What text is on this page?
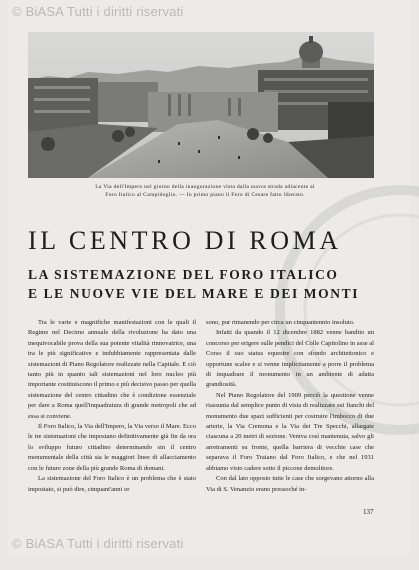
© BiASA Tutti i diritti riservati
La Via dell'Impero nel giorno della inaugurazione vista dalla nuova strada adiacente al
Foro Italico al Campidoglio. — In primo piano il Foro di Cesare fatto liberato.
IL CENTRO DI ROMA
LA SISTEMAZIONE DEL FORO ITALICO
E LE NUOVE VIE DEL MARE E DEI MONTI

Tra le varie e magnifiche manifestazioni con le quali il Regime nel Decimo annuale della rivoluzione ha dato una inequivocabile prova della sua potente vitalità rinnovatrice, una tra le più significative e indubbiamente rappresentata dalle sistemazioni di Piano Regolatore realizzate nella Capitale. E ciò tanto più in quanto tali sistemazioni nel loro nucleo più importante costituiscono il primo e più decisivo passo per quella sistemazione del centro cittadino che è condizione essenziale per dare a Roma quell'inquadratura di grande metropoli che ad essa si conviene.

Il Foro Italico, la Via dell'Impero, la Via verso il Mare. Ecco le tre sistemazioni che impostano definitivamente già fin da ora lo sviluppo futuro cittadino determinando sin il centro monumentale della città sia le maggiori linee di allacciamento con le future zone della più grande Roma di domani.

La sistemazione del Foro Italico è un problema che è stato impostato, si può dire, cinquant'anni or

sono, pur rimanendo per circa un cinquantennio insoluto.

Infatti da quando il 12 dicembre 1882 venne bandito un concorso per erigere sulle pendici del Colle Capitolino in asse al Corso il suo status equestre con sfondo architettonico e opportune scalee e si venne implicitamente a porre il problema di inquadrare il monumento in un ambiente di adatta grandiosità.

Nel Piano Regolatore del 1909 perciò la questione venne riassunta dal semplice punto di vista di realizzare sui fianchi del monumento due spazi sufficienti per costruire l'imbocco di due arterie, la Via Cremona e la Via dei Tre Specchi, allargate ciascuna a 20 metri di sezione. Veniva così mantenuta, salvo gli arretramenti su fronte, quella barriera di vecchie case che separava il Foro Traiano dal Foro Italico, e che nel 1931 abbiamo visto cadere sotto il piccone demolitore.

Con dal lato opposto tutte le case che sorgevano attorno alla Via di S. Venanzio erano pressoché in-

137
© BiASA Tutti i diritti riservati
